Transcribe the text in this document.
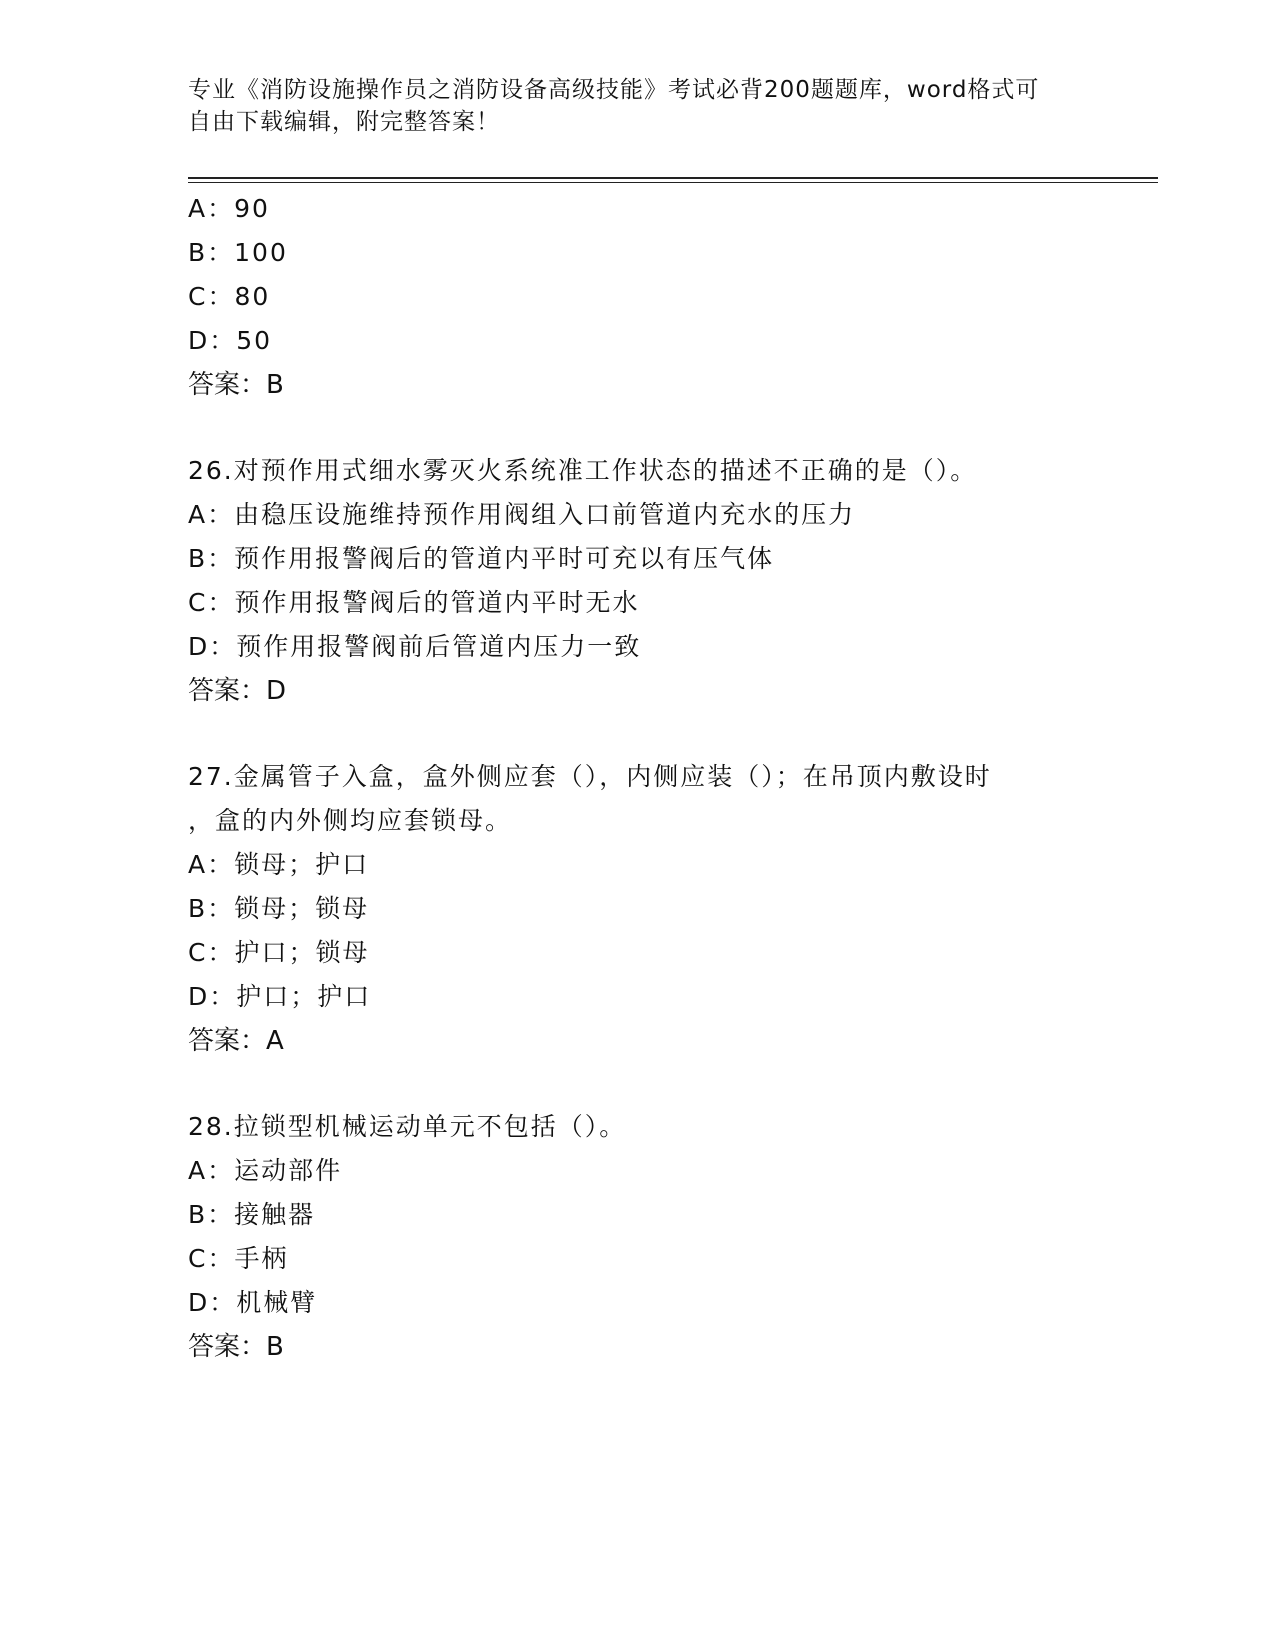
专业《消防设施操作员之消防设备高级技能》考试必背200题题库，word格式可
自由下载编辑，附完整答案！
A：90
B：100
C：80
D：50
答案：B
26.对预作用式细水雾灭火系统准工作状态的描述不正确的是（）。
A：由稳压设施维持预作用阀组入口前管道内充水的压力
B：预作用报警阀后的管道内平时可充以有压气体
C：预作用报警阀后的管道内平时无水
D：预作用报警阀前后管道内压力一致
答案：D
27.金属管子入盒，盒外侧应套（），内侧应装（）；在吊顶内敷设时
，盒的内外侧均应套锁母。
A：锁母；护口
B：锁母；锁母
C：护口；锁母
D：护口；护口
答案：A
28.拉锁型机械运动单元不包括（）。
A：运动部件
B：接触器
C：手柄
D：机械臂
答案：B
